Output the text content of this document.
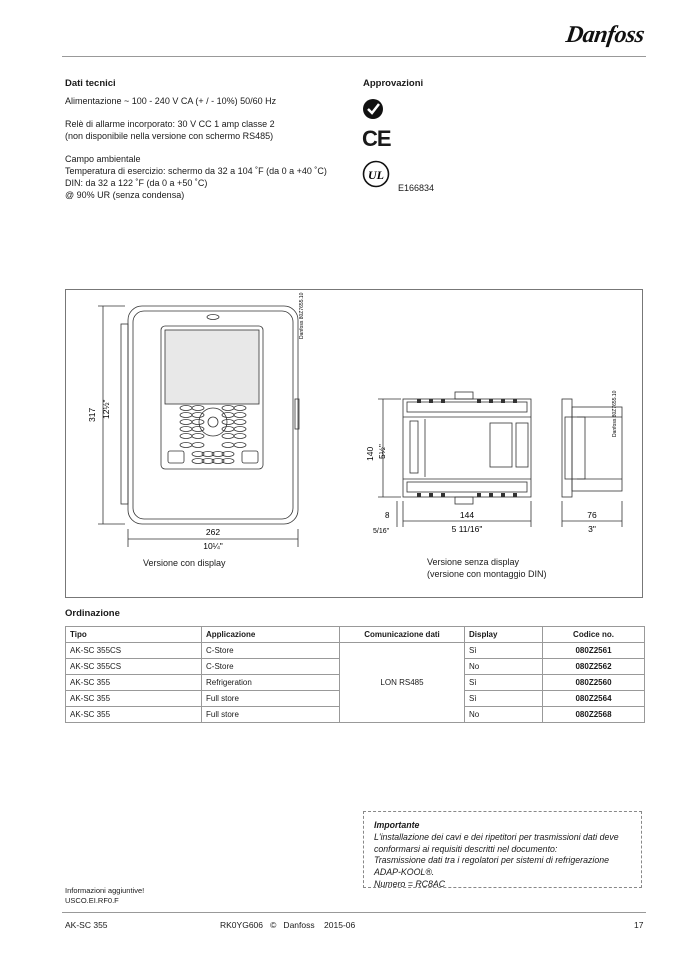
Danfoss
Dati tecnici

Alimentazione ~ 100 - 240 V CA (+ / - 10%) 50/60 Hz

Relè di allarme incorporato: 30 V CC 1 amp classe 2

(non disponibile nella versione con schermo RS485)

Campo ambientale

Temperatura di esercizio: schermo da 32 a 104 ˚F (da 0 a +40 ˚C)

DIN: da 32 a 122 ˚F (da 0 a +50 ˚C)

@ 90% UR (senza condensa)

Approvazioni
CE
UL
E166834
317 12½"
262
10¼"
Danfoss 80Z7655.10
140 5½"
8
5/16"
144
5 11/16"
76
3"
Danfoss 80Z7655.10
Versione con display	Versione senza display
(versione con montaggio DIN)
Ordinazione
Tipo	Applicazione	Comunicazione dati	Display	Codice no.
AK-SC 355CS	C-Store	LON RS485	Sì	080Z2561
AK-SC 355CS	C-Store		No	080Z2562
AK-SC 355	Refrigeration		Sì	080Z2560
AK-SC 355	Full store		Sì	080Z2564
AK-SC 355	Full store		No	080Z2568
Importante
L'installazione dei cavi e dei ripetitori per trasmissioni dati deve
conformarsi ai requisiti descritti nel documento:
Trasmissione dati tra i regolatori per sistemi di refrigerazione
ADAP-KOOL®.
Numero = RC8AC
Informazioni aggiuntive!
USCO.EI.RF0.F
AK-SC 355	RK0YG606   ©   Danfoss    2015-06	17
